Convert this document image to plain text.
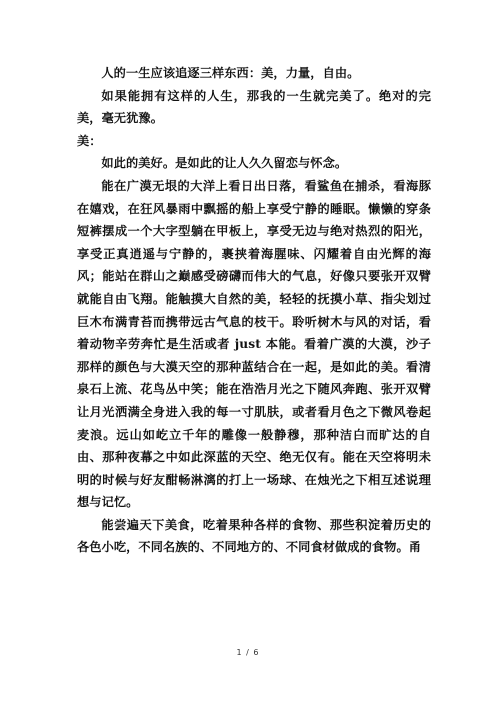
人的一生应该追逐三样东西：美，力量，自由。

如果能拥有这样的人生，那我的一生就完美了。绝对的完美，毫无犹豫。

美：

如此的美好。是如此的让人久久留恋与怀念。

能在广漠无垠的大洋上看日出日落，看鲨鱼在捕杀，看海豚在嬉戏，在狂风暴雨中飘摇的船上享受宁静的睡眠。懒懒的穿条短裤摆成一个大字型躺在甲板上，享受无边与绝对热烈的阳光，享受正真逍遥与宁静的，裹挟着海腥味、闪耀着自由光辉的海风；能站在群山之巅感受磅礴而伟大的气息，好像只要张开双臂就能自由飞翔。能触摸大自然的美，轻轻的抚摸小草、指尖划过巨木布满青苔而携带远古气息的枝干。聆听树木与风的对话，看着动物辛劳奔忙是生活或者 just 本能。看着广漠的大漠，沙子那样的颜色与大漠天空的那种蓝结合在一起，是如此的美。看清泉石上流、花鸟丛中笑；能在浩浩月光之下随风奔跑、张开双臂让月光洒满全身进入我的每一寸肌肤，或者看月色之下微风卷起麦浪。远山如屹立千年的雕像一般静穆，那种洁白而旷达的自由、那种夜幕之中如此深蓝的天空、绝无仅有。能在天空将明未明的时候与好友酣畅淋漓的打上一场球、在烛光之下相互述说理想与记忆。

能尝遍天下美食，吃着果种各样的食物、那些积淀着历史的各色小吃，不同名族的、不同地方的、不同食材做成的食物。甬

1 / 6
